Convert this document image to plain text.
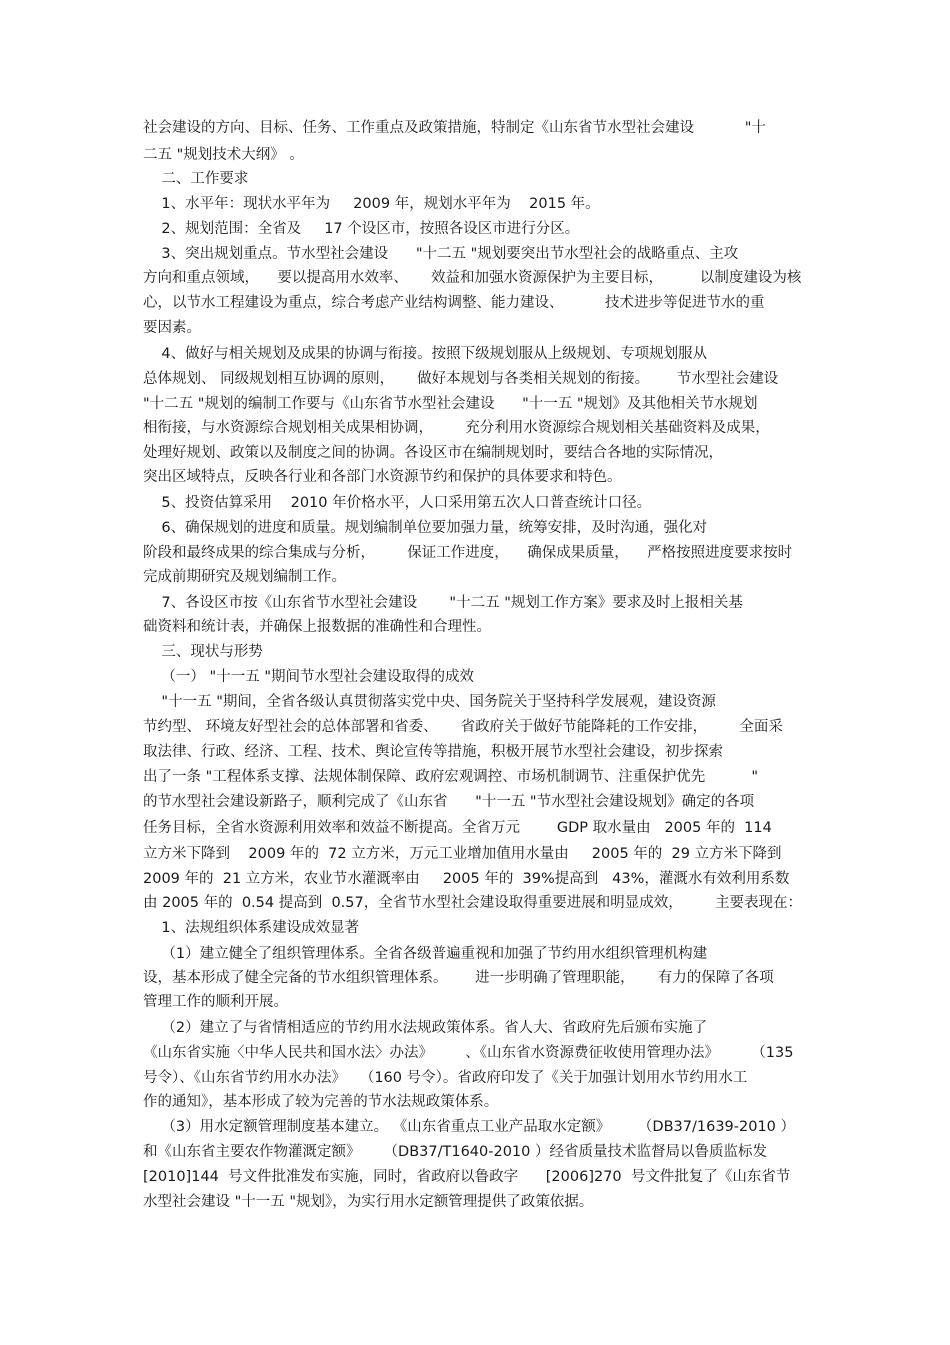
社会建设的方向、目标、任务、工作重点及政策措施，特制定《山东省节水型社会建设           "十
二五 "规划技术大纲》 。
二、工作要求
1、水平年：现状水平年为     2009 年，规划水平年为    2015 年。
2、规划范围：全省及     17 个设区市，按照各设区市进行分区。
3、突出规划重点。节水型社会建设      "十二五 "规划要突出节水型社会的战略重点、主攻
方向和重点领域，    要以提高用水效率、     效益和加强水资源保护为主要目标，        以制度建设为核
心，以节水工程建设为重点，综合考虑产业结构调整、能力建设、         技术进步等促进节水的重
要因素。
4、做好与相关规划及成果的协调与衔接。按照下级规划服从上级规划、专项规划服从
总体规划、 同级规划相互协调的原则，     做好本规划与各类相关规划的衔接。      节水型社会建设
"十二五 "规划的编制工作要与《山东省节水型社会建设      "十一五 "规划》及其他相关节水规划
相衔接，与水资源综合规划相关成果相协调，       充分利用水资源综合规划相关基础资料及成果，
处理好规划、政策以及制度之间的协调。各设区市在编制规划时，要结合各地的实际情况，
突出区域特点，反映各行业和各部门水资源节约和保护的具体要求和特色。
5、投资估算采用    2010 年价格水平，人口采用第五次人口普查统计口径。
6、确保规划的进度和质量。规划编制单位要加强力量，统筹安排，及时沟通，强化对
阶段和最终成果的综合集成与分析，       保证工作进度，    确保成果质量，    严格按照进度要求按时
完成前期研究及规划编制工作。
7、各设区市按《山东省节水型社会建设       "十二五 "规划工作方案》要求及时上报相关基
础资料和统计表，并确保上报数据的准确性和合理性。
三、现状与形势
（一） "十一五 "期间节水型社会建设取得的成效
"十一五 "期间，全省各级认真贯彻落实党中央、国务院关于坚持科学发展观，建设资源
节约型、 环境友好型社会的总体部署和省委、     省政府关于做好节能降耗的工作安排，       全面采
取法律、行政、经济、工程、技术、舆论宣传等措施，积极开展节水型社会建设，初步探索
出了一条 "工程体系支撑、法规体制保障、政府宏观调控、市场机制调节、注重保护优先          "
的节水型社会建设新路子，顺利完成了《山东省      "十一五 "节水型社会建设规划》确定的各项
任务目标，全省水资源利用效率和效益不断提高。全省万元        GDP 取水量由   2005 年的  114
立方米下降到    2009 年的  72 立方米，万元工业增加值用水量由     2005 年的  29 立方米下降到
2009 年的  21 立方米，农业节水灌溉率由     2005 年的  39%提高到   43%，灌溉水有效利用系数
由 2005 年的  0.54 提高到  0.57，全省节水型社会建设取得重要进展和明显成效，       主要表现在：
1、法规组织体系建设成效显著
（1）建立健全了组织管理体系。全省各级普遍重视和加强了节约用水组织管理机构建
设，基本形成了健全完备的节水组织管理体系。      进一步明确了管理职能，     有力的保障了各项
管理工作的顺利开展。
（2）建立了与省情相适应的节约用水法规政策体系。省人大、省政府先后颁布实施了
《山东省实施〈中华人民共和国水法〉办法》       、《山东省水资源费征收使用管理办法》       （135
号令）、《山东省节约用水办法》   （160 号令）。省政府印发了《关于加强计划用水节约用水工
作的通知》，基本形成了较为完善的节水法规政策体系。
（3）用水定额管理制度基本建立。 《山东省重点工业产品取水定额》      （DB37/1639-2010 ）
和《山东省主要农作物灌溉定额》     （DB37/T1640-2010 ）经省质量技术监督局以鲁质监标发
[2010]144  号文件批准发布实施，同时，省政府以鲁政字      [2006]270  号文件批复了《山东省节
水型社会建设 "十一五 "规划》，为实行用水定额管理提供了政策依据。
